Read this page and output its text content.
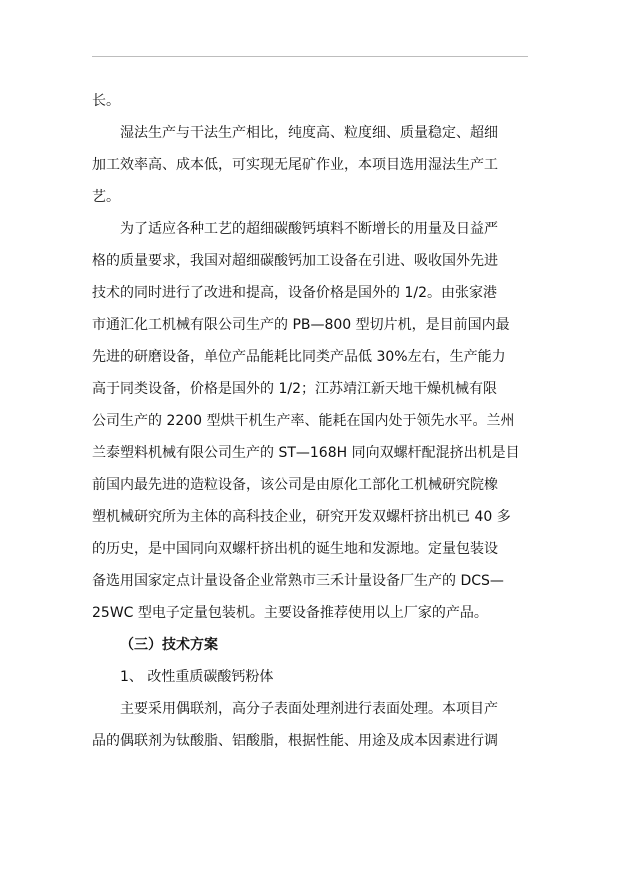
长。
湿法生产与干法生产相比，纯度高、粒度细、质量稳定、超细
加工效率高、成本低，可实现无尾矿作业，本项目选用湿法生产工
艺。
为了适应各种工艺的超细碳酸钙填料不断增长的用量及日益严
格的质量要求，我国对超细碳酸钙加工设备在引进、吸收国外先进
技术的同时进行了改进和提高，设备价格是国外的 1/2。由张家港
市通汇化工机械有限公司生产的 PB—800 型切片机，是目前国内最
先进的研磨设备，单位产品能耗比同类产品低 30%左右，生产能力
高于同类设备，价格是国外的 1/2；江苏靖江新天地干燥机械有限
公司生产的 2200 型烘干机生产率、能耗在国内处于领先水平。兰州
兰泰塑料机械有限公司生产的 ST—168H 同向双螺杆配混挤出机是目
前国内最先进的造粒设备，该公司是由原化工部化工机械研究院橡
塑机械研究所为主体的高科技企业，研究开发双螺杆挤出机已 40 多
的历史，是中国同向双螺杆挤出机的诞生地和发源地。定量包装设
备选用国家定点计量设备企业常熟市三禾计量设备厂生产的 DCS—
25WC 型电子定量包装机。主要设备推荐使用以上厂家的产品。
（三）技术方案
1、 改性重质碳酸钙粉体
主要采用偶联剂，高分子表面处理剂进行表面处理。本项目产
品的偶联剂为钛酸脂、铝酸脂，根据性能、用途及成本因素进行调
